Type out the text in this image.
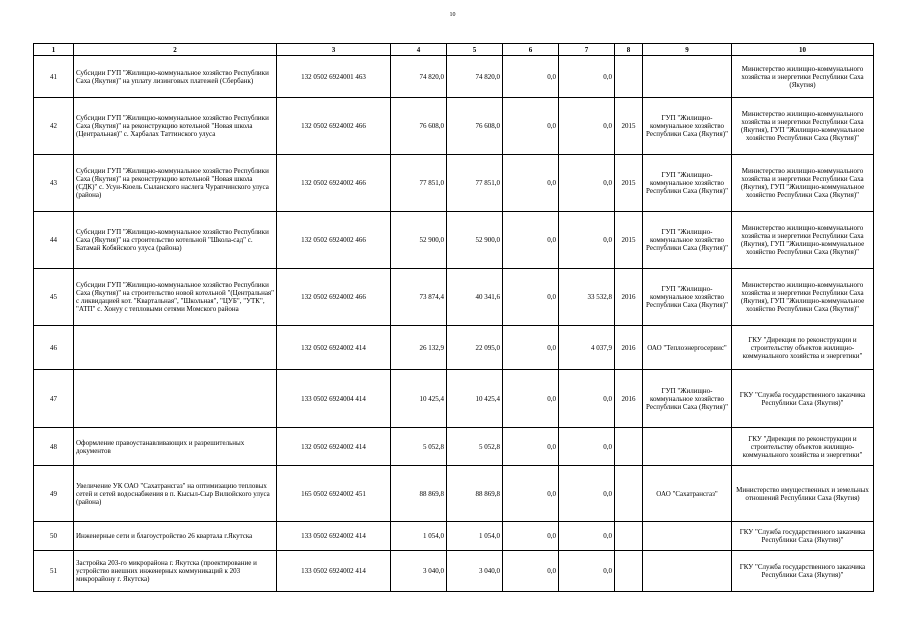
10
1	2	3	4	5	6	7	8	9	10
41	Субсидии ГУП "Жилищно-коммунальное хозяйство Республики Саха (Якутия)" на уплату лизинговых платежей (Сбербанк)	132 0502 6924001 463	74 820,0	74 820,0	0,0	0,0			Министерство жилищно-коммунального хозяйства и энергетики Республики Саха (Якутия)
42	Субсидии ГУП "Жилищно-коммунальное хозяйство Республики Саха (Якутия)" на реконструкцию котельной "Новая школа (Центральная)" с. Харбалах Таттинского улуса	132 0502 6924002 466	76 608,0	76 608,0	0,0	0,0	2015	ГУП "Жилищно-коммунальное хозяйство Республики Саха (Якутия)"	Министерство жилищно-коммунального хозяйства и энергетики Республики Саха (Якутия), ГУП "Жилищно-коммунальное хозяйство Республики Саха (Якутия)"
43	Субсидии ГУП "Жилищно-коммунальное хозяйство Республики Саха (Якутия)" на реконструкцию котельной "Новая школа (СДК)" с. Усун-Кюель Сыланского наслега Чурапчинского улуса (района)	132 0502 6924002 466	77 851,0	77 851,0	0,0	0,0	2015	ГУП "Жилищно-коммунальное хозяйство Республики Саха (Якутия)"	Министерство жилищно-коммунального хозяйства и энергетики Республики Саха (Якутия), ГУП "Жилищно-коммунальное хозяйство Республики Саха (Якутия)"
44	Субсидии ГУП "Жилищно-коммунальное хозяйство Республики Саха (Якутия)" на строительство котельной "Школа-сад" с. Батамай Кобяйского улуса (района)	132 0502 6924002 466	52 900,0	52 900,0	0,0	0,0	2015	ГУП "Жилищно-коммунальное хозяйство Республики Саха (Якутия)"	Министерство жилищно-коммунального хозяйства и энергетики Республики Саха (Якутия), ГУП "Жилищно-коммунальное хозяйство Республики Саха (Якутия)"
45	Субсидии ГУП "Жилищно-коммунальное хозяйство Республики Саха (Якутия)" на строительство новой котельной "(Центральная" с ликвидацией кот. "Квартальная", "Школьная", "ЦУБ", "УТК", "АТП" с. Хонуу с тепловыми сетями Момского района	132 0502 6924002 466	73 874,4	40 341,6	0,0	33 532,8	2016	ГУП "Жилищно-коммунальное хозяйство Республики Саха (Якутия)"	Министерство жилищно-коммунального хозяйства и энергетики Республики Саха (Якутия), ГУП "Жилищно-коммунальное хозяйство Республики Саха (Якутия)"
46		132 0502 6924002 414	26 132,9	22 095,0	0,0	4 037,9	2016	ОАО "Теплоэнергосервис"	ГКУ "Дирекция по реконструкции и строительству объектов жилищно-коммунального хозяйства и энергетики"
47		133 0502 6924004 414	10 425,4	10 425,4	0,0	0,0	2016	ГУП "Жилищно-коммунальное хозяйство Республики Саха (Якутия)"	ГКУ "Служба государственного заказчика Республики Саха (Якутия)"
48	Оформление правоустанавливающих и разрешительных документов	132 0502 6924002 414	5 052,8	5 052,8	0,0	0,0			ГКУ "Дирекция по реконструкции и строительству объектов жилищно-коммунального хозяйства и энергетики"
49	Увеличение УК ОАО "Сахатрансгаз" на оптимизацию тепловых сетей и сетей водоснабжения в п. Кысыл-Сыр Вилюйского улуса (района)	165 0502 6924002 451	88 869,8	88 869,8	0,0	0,0		ОАО "Сахатрансгаз"	Министерство имущественных и земельных отношений Республики Саха (Якутия)
50	Инженерные сети и благоустройство 26 квартала г.Якутска	133 0502 6924002 414	1 054,0	1 054,0	0,0	0,0			ГКУ "Служба государственного заказчика Республики Саха (Якутия)"
51	Застройка 203-го микрорайона г. Якутска (проектирование и устройство внешних инженерных коммуникаций к 203 микрорайону г. Якутска)	133 0502 6924002 414	3 040,0	3 040,0	0,0	0,0			ГКУ "Служба государственного заказчика Республики Саха (Якутия)"
